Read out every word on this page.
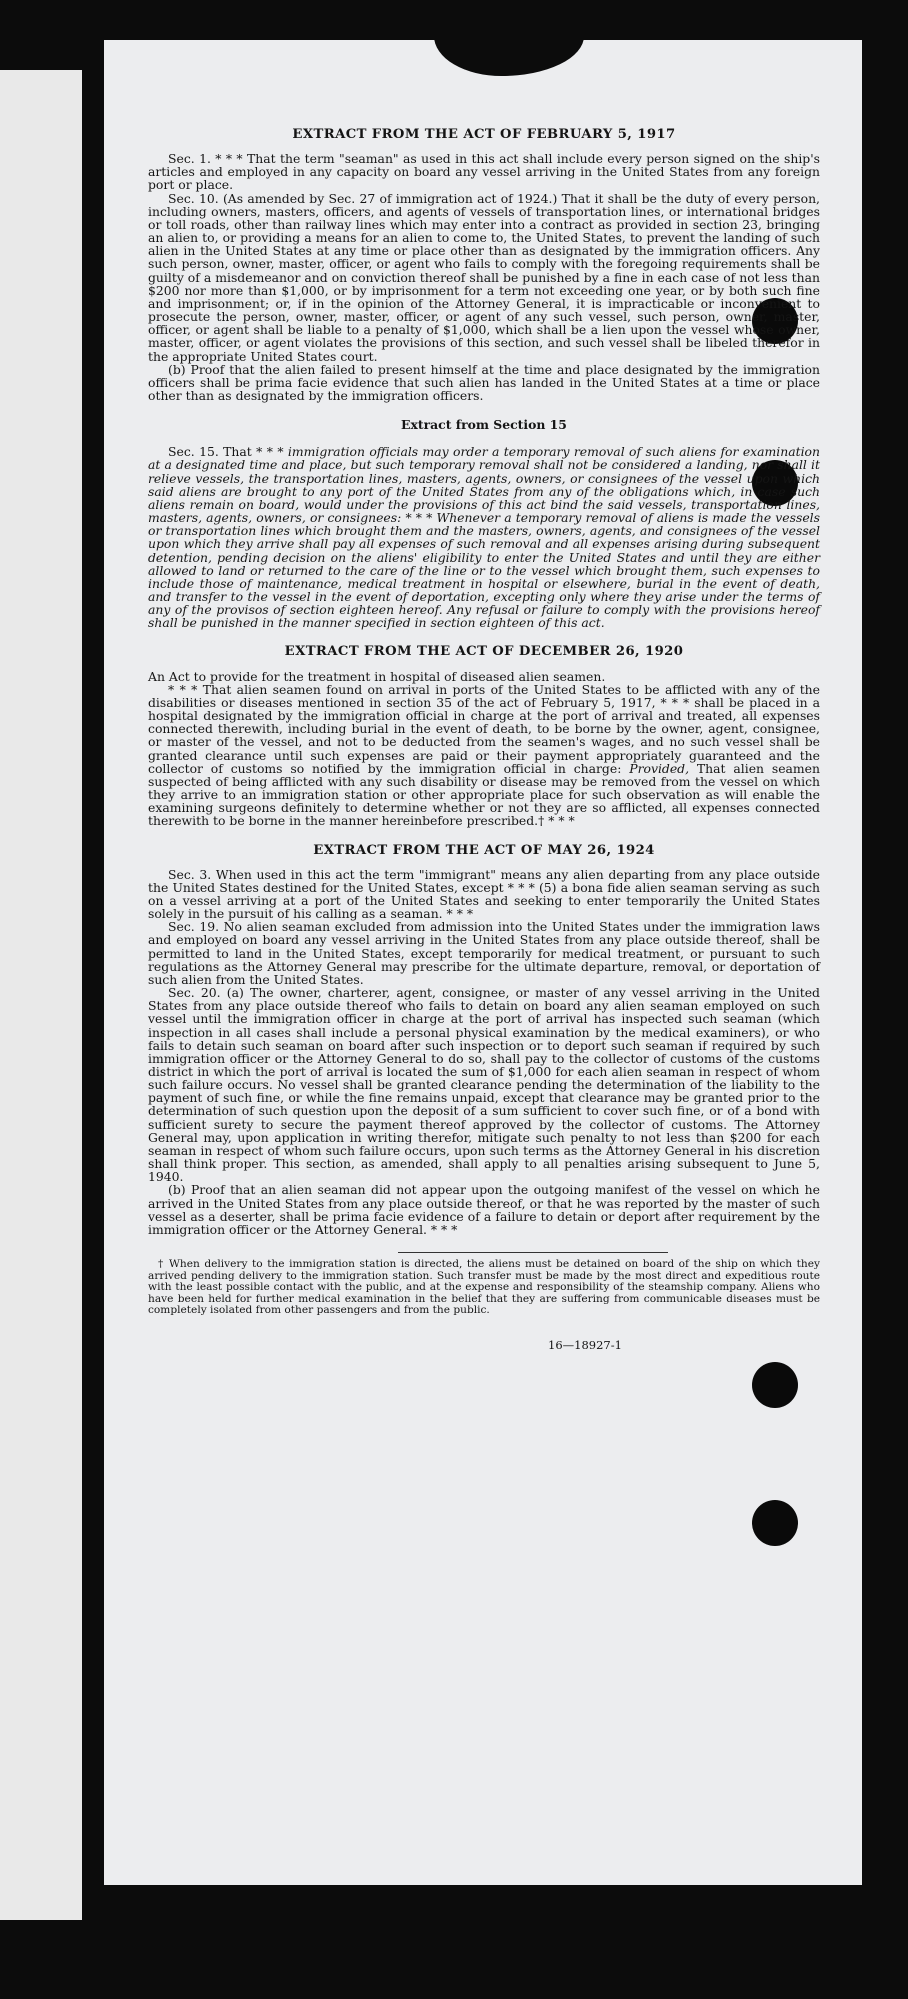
EXTRACT FROM THE ACT OF FEBRUARY 5, 1917

Sec. 1. * * * That the term "seaman" as used in this act shall include every person signed on the ship's articles and employed in any capacity on board any vessel arriving in the United States from any foreign port or place.

Sec. 10. (As amended by Sec. 27 of immigration act of 1924.) That it shall be the duty of every person, including owners, masters, officers, and agents of vessels of transportation lines, or international bridges or toll roads, other than railway lines which may enter into a contract as provided in section 23, bringing an alien to, or providing a means for an alien to come to, the United States, to prevent the landing of such alien in the United States at any time or place other than as designated by the immigration officers. Any such person, owner, master, officer, or agent who fails to comply with the foregoing requirements shall be guilty of a misdemeanor and on conviction thereof shall be punished by a fine in each case of not less than $200 nor more than $1,000, or by imprisonment for a term not exceeding one year, or by both such fine and imprisonment; or, if in the opinion of the Attorney General, it is impracticable or inconvenient to prosecute the person, owner, master, officer, or agent of any such vessel, such person, owner, master, officer, or agent shall be liable to a penalty of $1,000, which shall be a lien upon the vessel whose owner, master, officer, or agent violates the provisions of this section, and such vessel shall be libeled therefor in the appropriate United States court.

(b) Proof that the alien failed to present himself at the time and place designated by the immigration officers shall be prima facie evidence that such alien has landed in the United States at a time or place other than as designated by the immigration officers.

Extract from Section 15

Sec. 15. That * * * immigration officials may order a temporary removal of such aliens for examination at a designated time and place, but such temporary removal shall not be considered a landing, nor shall it relieve vessels, the transportation lines, masters, agents, owners, or consignees of the vessel upon which said aliens are brought to any port of the United States from any of the obligations which, in case such aliens remain on board, would under the provisions of this act bind the said vessels, transportation lines, masters, agents, owners, or consignees: * * * Whenever a temporary removal of aliens is made the vessels or transportation lines which brought them and the masters, owners, agents, and consignees of the vessel upon which they arrive shall pay all expenses of such removal and all expenses arising during subsequent detention, pending decision on the aliens' eligibility to enter the United States and until they are either allowed to land or returned to the care of the line or to the vessel which brought them, such expenses to include those of maintenance, medical treatment in hospital or elsewhere, burial in the event of death, and transfer to the vessel in the event of deportation, excepting only where they arise under the terms of any of the provisos of section eighteen hereof. Any refusal or failure to comply with the provisions hereof shall be punished in the manner specified in section eighteen of this act.

EXTRACT FROM THE ACT OF DECEMBER 26, 1920

An Act to provide for the treatment in hospital of diseased alien seamen.

* * * That alien seamen found on arrival in ports of the United States to be afflicted with any of the disabilities or diseases mentioned in section 35 of the act of February 5, 1917, * * * shall be placed in a hospital designated by the immigration official in charge at the port of arrival and treated, all expenses connected therewith, including burial in the event of death, to be borne by the owner, agent, consignee, or master of the vessel, and not to be deducted from the seamen's wages, and no such vessel shall be granted clearance until such expenses are paid or their payment appropriately guaranteed and the collector of customs so notified by the immigration official in charge: Provided, That alien seamen suspected of being afflicted with any such disability or disease may be removed from the vessel on which they arrive to an immigration station or other appropriate place for such observation as will enable the examining surgeons definitely to determine whether or not they are so afflicted, all expenses connected therewith to be borne in the manner hereinbefore prescribed.† * * *

EXTRACT FROM THE ACT OF MAY 26, 1924

Sec. 3. When used in this act the term "immigrant" means any alien departing from any place outside the United States destined for the United States, except * * * (5) a bona fide alien seaman serving as such on a vessel arriving at a port of the United States and seeking to enter temporarily the United States solely in the pursuit of his calling as a seaman. * * *

Sec. 19. No alien seaman excluded from admission into the United States under the immigration laws and employed on board any vessel arriving in the United States from any place outside thereof, shall be permitted to land in the United States, except temporarily for medical treatment, or pursuant to such regulations as the Attorney General may prescribe for the ultimate departure, removal, or deportation of such alien from the United States.

Sec. 20. (a) The owner, charterer, agent, consignee, or master of any vessel arriving in the United States from any place outside thereof who fails to detain on board any alien seaman employed on such vessel until the immigration officer in charge at the port of arrival has inspected such seaman (which inspection in all cases shall include a personal physical examination by the medical examiners), or who fails to detain such seaman on board after such inspection or to deport such seaman if required by such immigration officer or the Attorney General to do so, shall pay to the collector of customs of the customs district in which the port of arrival is located the sum of $1,000 for each alien seaman in respect of whom such failure occurs. No vessel shall be granted clearance pending the determination of the liability to the payment of such fine, or while the fine remains unpaid, except that clearance may be granted prior to the determination of such question upon the deposit of a sum sufficient to cover such fine, or of a bond with sufficient surety to secure the payment thereof approved by the collector of customs. The Attorney General may, upon application in writing therefor, mitigate such penalty to not less than $200 for each seaman in respect of whom such failure occurs, upon such terms as the Attorney General in his discretion shall think proper. This section, as amended, shall apply to all penalties arising subsequent to June 5, 1940.

(b) Proof that an alien seaman did not appear upon the outgoing manifest of the vessel on which he arrived in the United States from any place outside thereof, or that he was reported by the master of such vessel as a deserter, shall be prima facie evidence of a failure to detain or deport after requirement by the immigration officer or the Attorney General. * * *

† When delivery to the immigration station is directed, the aliens must be detained on board of the ship on which they arrived pending delivery to the immigration station. Such transfer must be made by the most direct and expeditious route with the least possible contact with the public, and at the expense and responsibility of the steamship company. Aliens who have been held for further medical examination in the belief that they are suffering from communicable diseases must be completely isolated from other passengers and from the public.

16—18927-1
